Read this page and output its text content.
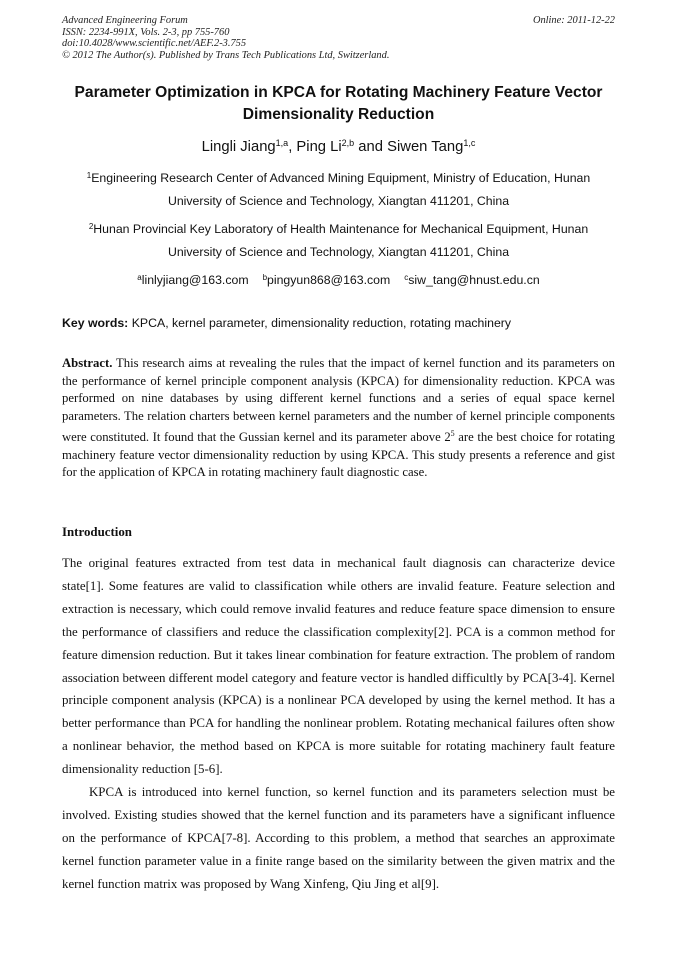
Advanced Engineering Forum
ISSN: 2234-991X, Vols. 2-3, pp 755-760
doi:10.4028/www.scientific.net/AEF.2-3.755
© 2012 The Author(s). Published by Trans Tech Publications Ltd, Switzerland.
Online: 2011-12-22
Parameter Optimization in KPCA for Rotating Machinery Feature Vector Dimensionality Reduction
Lingli Jiang$^{1,a}$, Ping Li$^{2,b}$ and Siwen Tang$^{1,c}$
$^1$Engineering Research Center of Advanced Mining Equipment, Ministry of Education, Hunan
University of Science and Technology, Xiangtan 411201, China
$^2$Hunan Provincial Key Laboratory of Health Maintenance for Mechanical Equipment, Hunan
University of Science and Technology, Xiangtan 411201, China
$^a$linlyjiang@163.com $^b$pingyun868@163.com $^c$siw_tang@hnust.edu.cn
Key words: KPCA, kernel parameter, dimensionality reduction, rotating machinery
Abstract. This research aims at revealing the rules that the impact of kernel function and its parameters on the performance of kernel principle component analysis (KPCA) for dimensionality reduction. KPCA was performed on nine databases by using different kernel functions and a series of equal space kernel parameters. The relation charters between kernel parameters and the number of kernel principle components were constituted. It found that the Gussian kernel and its parameter above $2^5$ are the best choice for rotating machinery feature vector dimensionality reduction by using KPCA. This study presents a reference and gist for the application of KPCA in rotating machinery fault diagnostic case.
Introduction

The original features extracted from test data in mechanical fault diagnosis can characterize device state[1]. Some features are valid to classification while others are invalid feature. Feature selection and extraction is necessary, which could remove invalid features and reduce feature space dimension to ensure the performance of classifiers and reduce the classification complexity[2]. PCA is a common method for feature dimension reduction. But it takes linear combination for feature extraction. The problem of random association between different model category and feature vector is handled difficultly by PCA[3-4]. Kernel principle component analysis (KPCA) is a nonlinear PCA developed by using the kernel method. It has a better performance than PCA for handling the nonlinear problem. Rotating mechanical failures often show a nonlinear behavior, the method based on KPCA is more suitable for rotating machinery fault feature dimensionality reduction [5-6].

KPCA is introduced into kernel function, so kernel function and its parameters selection must be involved. Existing studies showed that the kernel function and its parameters have a significant influence on the performance of KPCA[7-8]. According to this problem, a method that searches an approximate kernel function parameter value in a finite range based on the similarity between the given matrix and the kernel function matrix was proposed by Wang Xinfeng, Qiu Jing et al[9].
